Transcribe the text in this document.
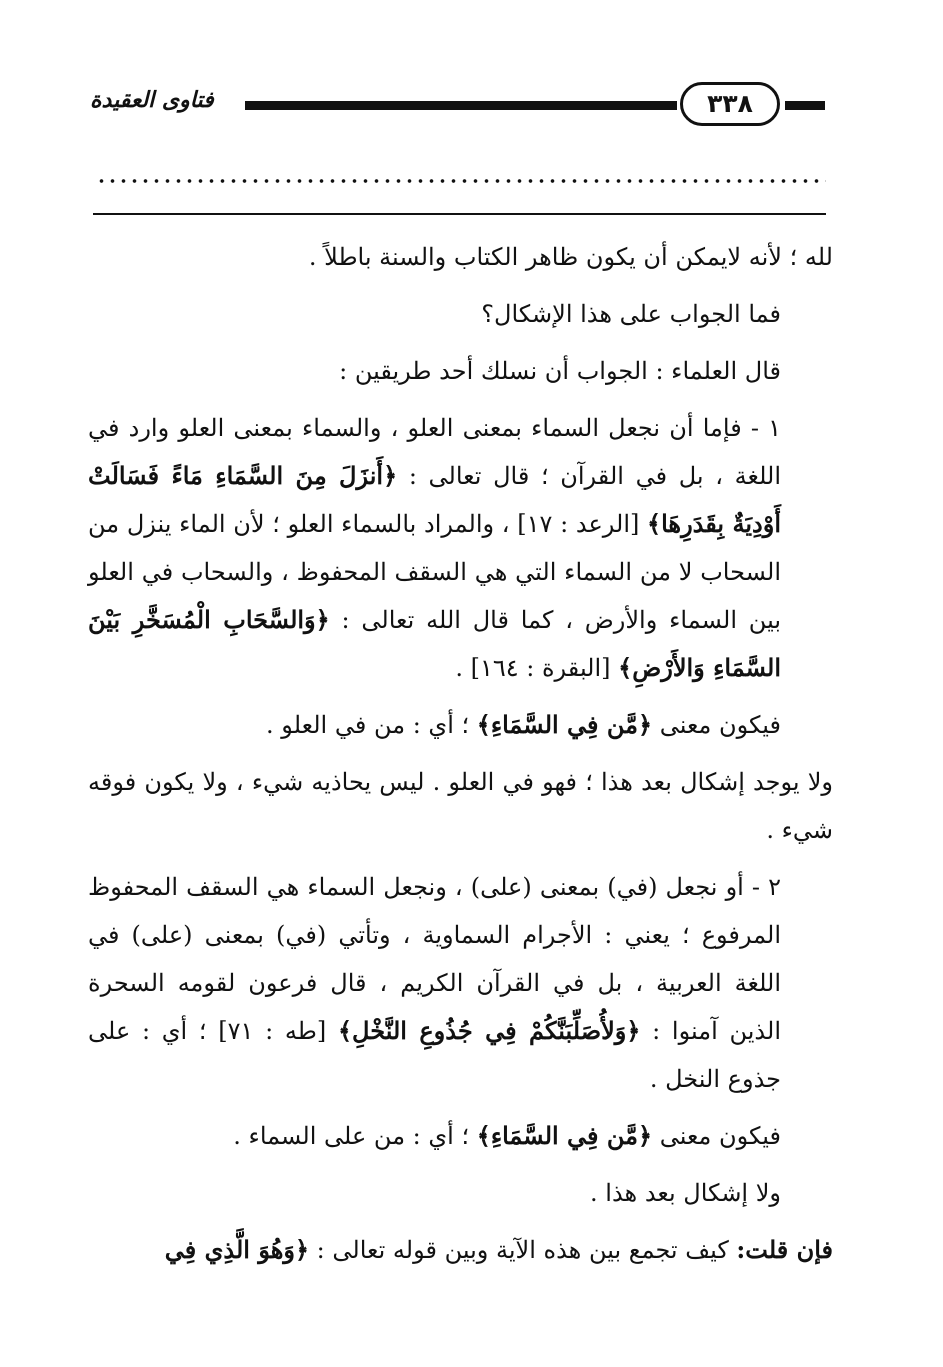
فتاوى العقيدة	٣٣٨

لله ؛ لأنه لايمكن أن يكون ظاهر الكتاب والسنة باطلاً .

فما الجواب على هذا الإشكال؟

قال العلماء : الجواب أن نسلك أحد طريقين :

١ - فإما أن نجعل السماء بمعنى العلو ، والسماء بمعنى العلو وارد في اللغة ، بل في القرآن ؛ قال تعالى : ﴿أَنزَلَ مِنَ السَّمَاءِ مَاءً فَسَالَتْ أَوْدِيَةٌ بِقَدَرِهَا﴾ [الرعد : ١٧] ، والمراد بالسماء العلو ؛ لأن الماء ينزل من السحاب لا من السماء التي هي السقف المحفوظ ، والسحاب في العلو بين السماء والأرض ، كما قال الله تعالى : ﴿وَالسَّحَابِ الْمُسَخَّرِ بَيْنَ السَّمَاءِ وَالأَرْضِ﴾ [البقرة : ١٦٤] .

فيكون معنى ﴿مَّن فِي السَّمَاءِ﴾ ؛ أي : من في العلو .

ولا يوجد إشكال بعد هذا ؛ فهو في العلو . ليس يحاذيه شيء ، ولا يكون فوقه شيء .

٢ - أو نجعل (في) بمعنى (على) ، ونجعل السماء هي السقف المحفوظ المرفوع ؛ يعني : الأجرام السماوية ، وتأتي (في) بمعنى (على) في اللغة العربية ، بل في القرآن الكريم ، قال فرعون لقومه السحرة الذين آمنوا : ﴿وَلأُصَلِّبَنَّكُمْ فِي جُذُوعِ النَّخْلِ﴾ [طه : ٧١] ؛ أي : على جذوع النخل .

فيكون معنى ﴿مَّن فِي السَّمَاءِ﴾ ؛ أي : من على السماء .

ولا إشكال بعد هذا .

فإن قلت: كيف تجمع بين هذه الآية وبين قوله تعالى : ﴿وَهُوَ الَّذِي فِي
